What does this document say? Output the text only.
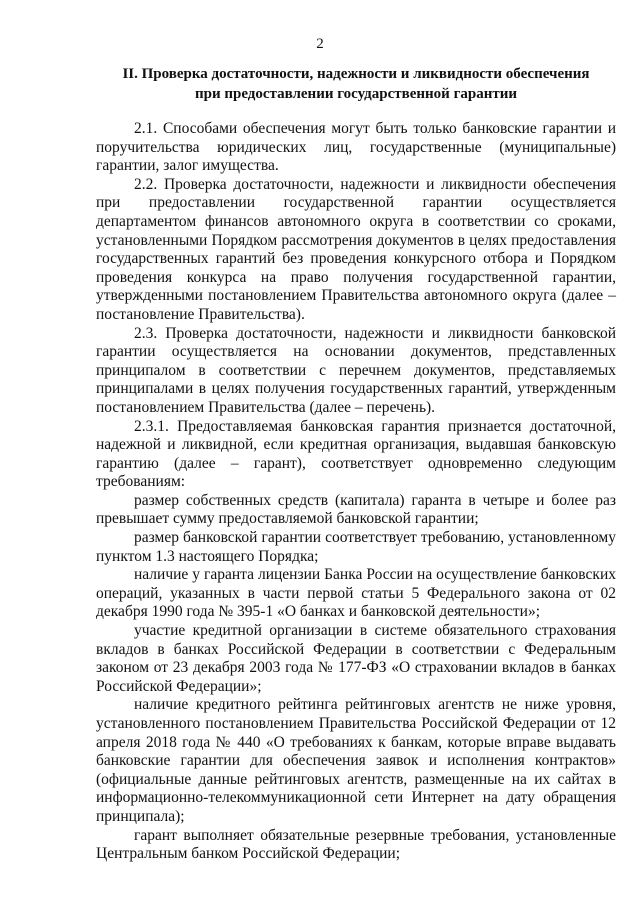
2
II. Проверка достаточности, надежности и ликвидности обеспечения
при предоставлении государственной гарантии

2.1. Способами обеспечения могут быть только банковские гарантии и поручительства юридических лиц, государственные (муниципальные) гарантии, залог имущества.

2.2. Проверка достаточности, надежности и ликвидности обеспечения при предоставлении государственной гарантии осуществляется департаментом финансов автономного округа в соответствии со сроками, установленными Порядком рассмотрения документов в целях предоставления государственных гарантий без проведения конкурсного отбора и Порядком проведения конкурса на право получения государственной гарантии, утвержденными постановлением Правительства автономного округа (далее – постановление Правительства).

2.3. Проверка достаточности, надежности и ликвидности банковской гарантии осуществляется на основании документов, представленных принципалом в соответствии с перечнем документов, представляемых принципалами в целях получения государственных гарантий, утвержденным постановлением Правительства (далее – перечень).

2.3.1. Предоставляемая банковская гарантия признается достаточной, надежной и ликвидной, если кредитная организация, выдавшая банковскую гарантию (далее – гарант), соответствует одновременно следующим требованиям:

размер собственных средств (капитала) гаранта в четыре и более раз превышает сумму предоставляемой банковской гарантии;

размер банковской гарантии соответствует требованию, установленному пунктом 1.3 настоящего Порядка;

наличие у гаранта лицензии Банка России на осуществление банковских операций, указанных в части первой статьи 5 Федерального закона от 02 декабря 1990 года № 395-1 «О банках и банковской деятельности»;

участие кредитной организации в системе обязательного страхования вкладов в банках Российской Федерации в соответствии с Федеральным законом от 23 декабря 2003 года № 177-ФЗ «О страховании вкладов в банках Российской Федерации»;

наличие кредитного рейтинга рейтинговых агентств не ниже уровня, установленного постановлением Правительства Российской Федерации от 12 апреля 2018 года № 440 «О требованиях к банкам, которые вправе выдавать банковские гарантии для обеспечения заявок и исполнения контрактов» (официальные данные рейтинговых агентств, размещенные на их сайтах в информационно-телекоммуникационной сети Интернет на дату обращения принципала);

гарант выполняет обязательные резервные требования, установленные Центральным банком Российской Федерации;
